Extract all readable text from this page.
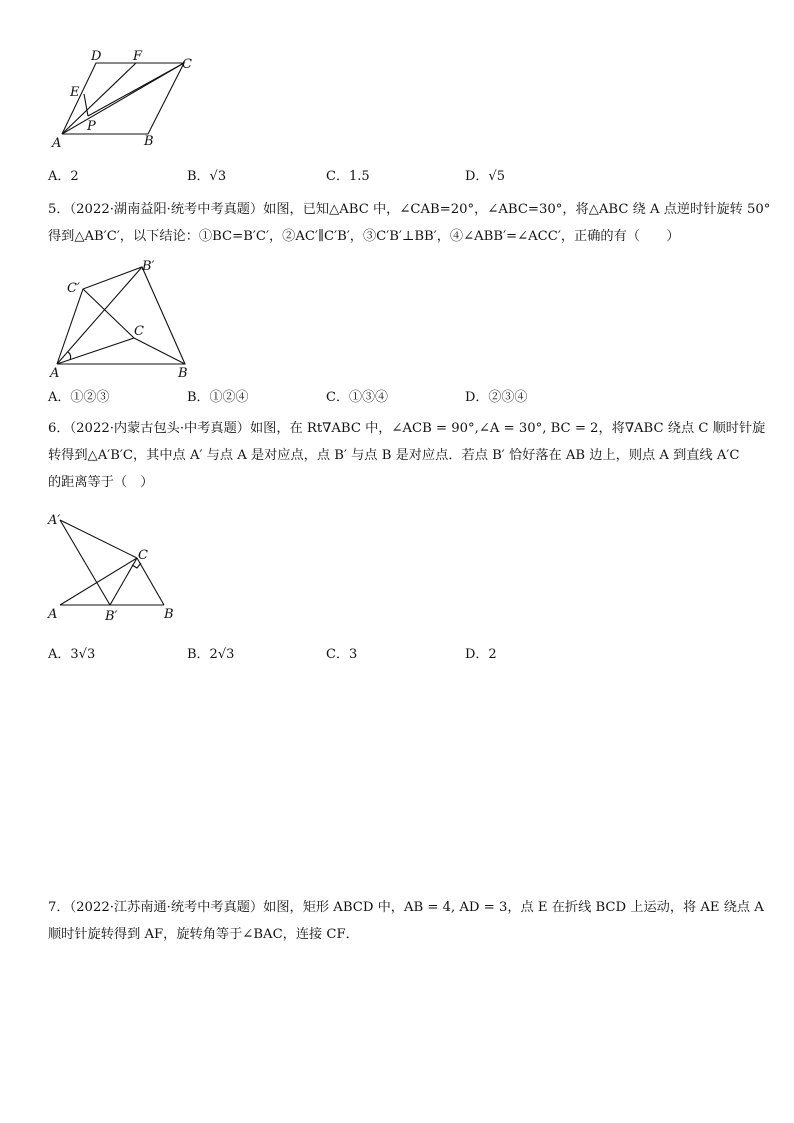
D F
C
E
P
A	B
A．2	B．√3	C．1.5	D．√5
5．（2022·湖南益阳·统考中考真题）如图，已知△ABC 中，∠CAB=20°，∠ABC=30°，将△ABC 绕 A 点逆时针旋转 50°
得到△AB′C′，以下结论：①BC=B′C′，②AC′∥C′B′，③C′B′⊥BB′，④∠ABB′=∠ACC′，正确的有（　　）
B′
C′
C
A	B
A．①②③	B．①②④	C．①③④	D．②③④
6．（2022·内蒙古包头·中考真题）如图，在 Rt∇ABC 中，∠ACB = 90°,∠A = 30°, BC = 2，将∇ABC 绕点 C 顺时针旋
转得到△A′B′C，其中点 A′ 与点 A 是对应点，点 B′ 与点 B 是对应点．若点 B′ 恰好落在 AB 边上，则点 A 到直线 A′C
的距离等于（　）
A′
C
A	B′	B
A．3√3	B．2√3	C．3	D．2
7．（2022·江苏南通·统考中考真题）如图，矩形 ABCD 中，AB = 4, AD = 3，点 E 在折线 BCD 上运动，将 AE 绕点 A
顺时针旋转得到 AF，旋转角等于∠BAC，连接 CF．
